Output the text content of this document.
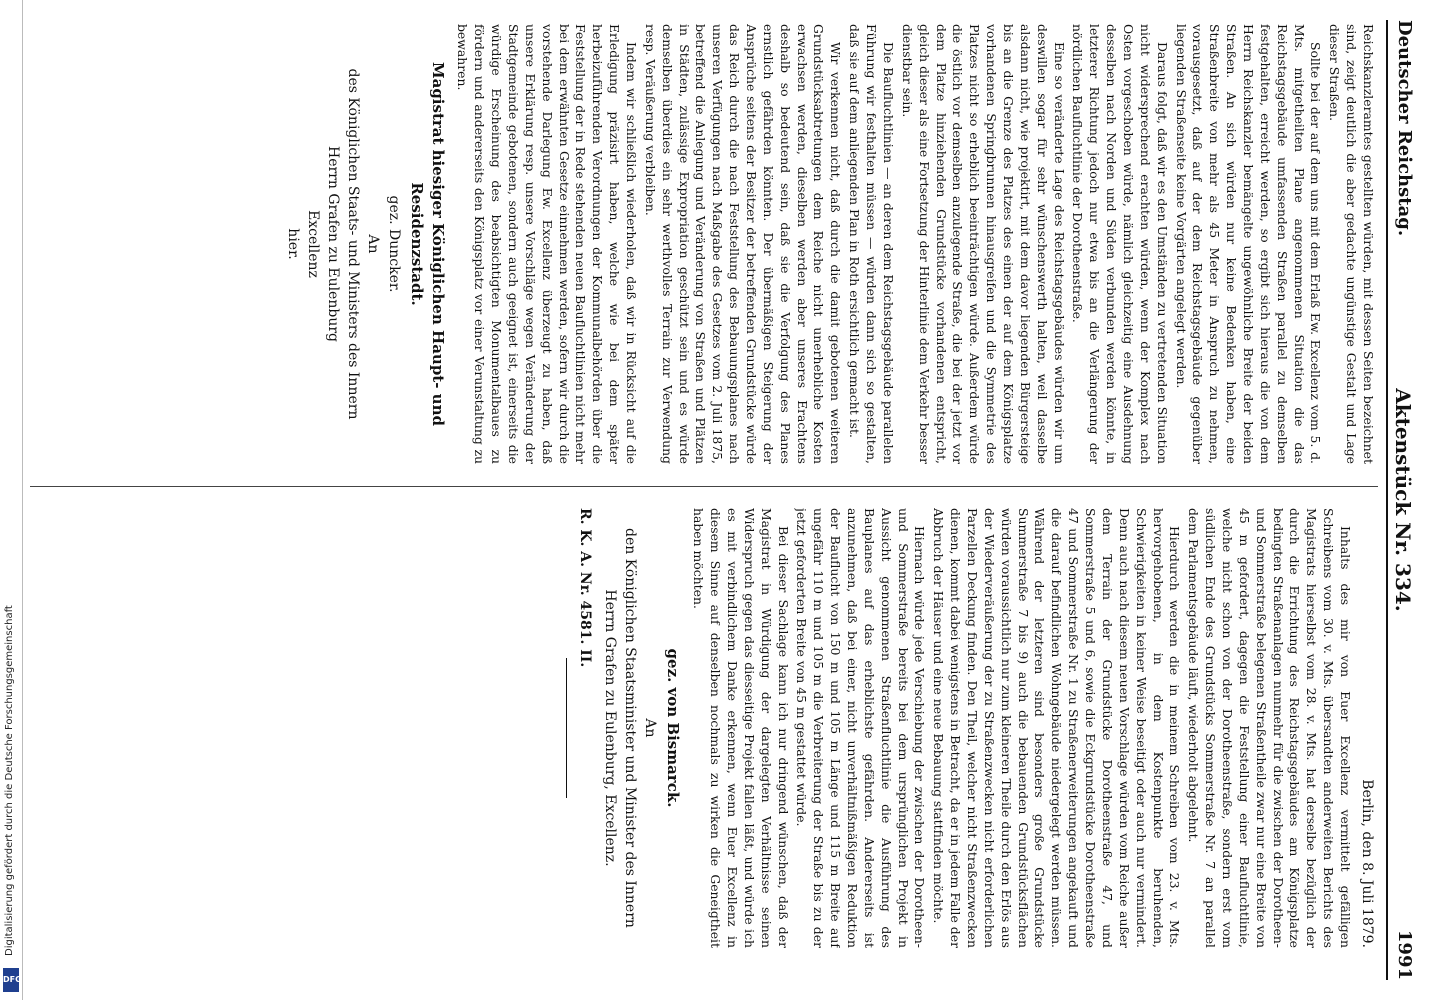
Digitalisierung gefördert durch die Deutsche Forschungsgemeinschaft
DFG
Deutscher Reichstag.
Aktenstück Nr. 334.
1991

Reichskanzleramtes gestellten würden, mit dessen Seiten bezeichnet sind, zeigt deutlich die aber gedachte ungünstige Gestalt und Lage dieser Straßen.

Sollte bei der auf dem uns mit dem Erlaß Ew. Excellenz vom 5. d. Mts. mitgetheilten Plane angenommenen Situation die das Reichstagsgebäude umfassenden Straßen parallel zu demselben festgehalten, erreicht werden, so ergibt sich hieraus die von dem Herrn Reichskanzler bemängelte ungewöhnliche Breite der beiden Straßen. An sich würden nur keine Bedenken haben, eine Straßenbreite von mehr als 45 Meter in Anspruch zu nehmen, vorausgesetzt, daß auf der dem Reichstagsgebäude gegenüber liegenden Straßenseite keine Vorgärten angelegt werden.

Daraus folgt, daß wir es den Umständen zu vertretenden Situation nicht widersprechend erachten würden, wenn der Komplex nach Osten vorgeschoben würde, nämlich gleichzeitig eine Ausdehnung desselben nach Norden und Süden verbunden werden könnte, in letzterer Richtung jedoch nur etwa bis an die Verlängerung der nördlichen Baufluchtlinie der Dorotheenstraße.

Eine so veränderte Lage des Reichstagsgebäudes würden wir um deswillen sogar für sehr wünschenswerth halten, weil dasselbe alsdann nicht, wie projektirt, mit dem davor liegenden Bürgersteige bis an die Grenze des Platzes des einen der auf dem Königsplatze vorhandenen Springbrunnen hinausgreifen und die Symmetrie des Platzes nicht so erheblich beeinträchtigen würde. Außerdem würde die östlich vor demselben anzulegende Straße, die bei der jetzt vor dem Platze hinziehenden Grundstücke vorhandenen entspricht, gleich dieser als eine Fortsetzung der Hinterlinie dem Verkehr besser dienstbar sein.

Die Baufluchtlinien — an deren dem Reichstagsgebäude parallelen Führung wir festhalten müssen — würden dann sich so gestalten, daß sie auf dem anliegenden Plan in Roth ersichtlich gemacht ist.

Wir verkennen nicht, daß durch die damit gebotenen weiteren Grundstücksabtretungen dem Reiche nicht unerhebliche Kosten erwachsen werden, dieselben werden aber unseres Erachtens deshalb so bedeutend sein, daß sie die Verfolgung des Planes ernstlich gefährden könnten. Der übermäßigen Steigerung der Ansprüche seitens der Besitzer der betreffenden Grundstücke würde das Reich durch die nach Feststellung des Bebauungsplanes nach unseren Verfügungen nach Maßgabe des Gesetzes vom 2. Juli 1875, betreffend die Anlegung und Veränderung von Straßen und Plätzen in Städten, zulässige Expropriation geschützt sein und es würde demselben überdies ein sehr werthvolles Terrain zur Verwendung resp. Veräußerung verbleiben.

Indem wir schließlich wiederholen, daß wir in Rücksicht auf die Erledigung präzisirt haben, welche wie bei dem später herbeizuführenden Verordnungen der Kommunalbehörden über die Feststellung der in Rede stehenden neuen Baufluchtlinien nicht mehr bei dem erwähnten Gesetze einnehmen werden, sofern wir durch die vorstehende Darlegung Ew. Excellenz überzeugt zu haben, daß unsere Erklärung resp. unsere Vorschläge wegen Veränderung der Stadtgemeinde gebotenen, sondern auch geeignet ist, einerseits die würdige Erscheinung des beabsichtigten Monumentalbaues zu fördern und andererseits den Königsplatz vor einer Verunstaltung zu bewahren.

Magistrat hiesiger Königlichen Haupt- und Residenzstadt.
gez. Duncker.
An
des Königlichen Staats- und Ministers des Innern
Herrn Grafen zu Eulenburg
Excellenz
hier.
Berlin, den 8. Juli 1879.

Inhalts des mir von Euer Excellenz vermittelt gefälligen Schreibens vom 30. v. Mts. übersandten anderweiten Berichts des Magistrats hierselbst vom 28. v. Mts. hat derselbe bezüglich der durch die Errichtung des Reichstagsgebäudes am Königsplatze bedingten Straßenanlagen nunmehr für die zwischen der Dorotheen- und Sommerstraße belegenen Straßentheile zwar nur eine Breite von 45 m gefordert, dagegen die Feststellung einer Baufluchtlinie, welche nicht schon von der Dorotheenstraße, sondern erst vom südlichen Ende des Grundstücks Sommerstraße Nr. 7 an parallel dem Parlamentsgebäude läuft, wiederholt abgelehnt.

Hierdurch werden die in meinem Schreiben vom 23. v. Mts. hervorgehobenen, in dem Kostenpunkte beruhenden, Schwierigkeiten in keiner Weise beseitigt oder auch nur vermindert. Denn auch nach diesem neuen Vorschlage würden vom Reiche außer dem Terrain der Grundstücke Dorotheenstraße 47, und Sommerstraße 5 und 6, sowie die Eckgrundstücke Dorotheenstraße 47 und Sommerstraße Nr. 1 zu Straßenerweiterungen angekauft und die darauf befindlichen Wohngebäude niedergelegt werden müssen. Während der letzteren sind besonders große Grundstücke Summerstraße 7 bis 9) auch die bebauenden Grundstücksflächen würden voraussichtlich nur zum kleineren Theile durch den Erlös aus der Wiederveräußerung der zu Straßenzwecken nicht erforderlichen Parzellen Deckung finden. Den Theil, welcher nicht Straßenzwecken dienen, kommt dabei wenigstens in Betracht, da er in jedem Falle der Abbruch der Häuser und eine neue Bebauung stattfinden möchte.

Hiernach würde jede Verschiebung der zwischen der Dorotheen- und Sommerstraße bereits bei dem ursprünglichen Projekt in Aussicht genommenen Straßenfluchtlinie die Ausführung des Bauplanes auf das erheblichste gefährden. Andererseits ist anzunehmen, daß bei einer, nicht unverhältnißmäßigen Reduktion der Bauflucht von 150 m und 105 m Länge und 115 m Breite auf ungefähr 110 m und 105 m die Verbreiterung der Straße bis zu der jetzt geforderten Breite von 45 m gestattet würde.

Bei dieser Sachlage kann ich nur dringend wünschen, daß der Magistrat in Würdigung der dargelegten Verhältnisse seinen Widerspruch gegen das diesseitige Projekt fallen läßt, und würde ich es mit verbindlichem Danke erkennen, wenn Euer Excellenz in diesem Sinne auf denselben nochmals zu wirken die Geneigtheit haben möchten.

gez. von Bismarck.
An
den Königlichen Staatsminister und Minister des Innern
Herrn Grafen zu Eulenburg, Excellenz.
R. K. A. Nr. 4581. II.
